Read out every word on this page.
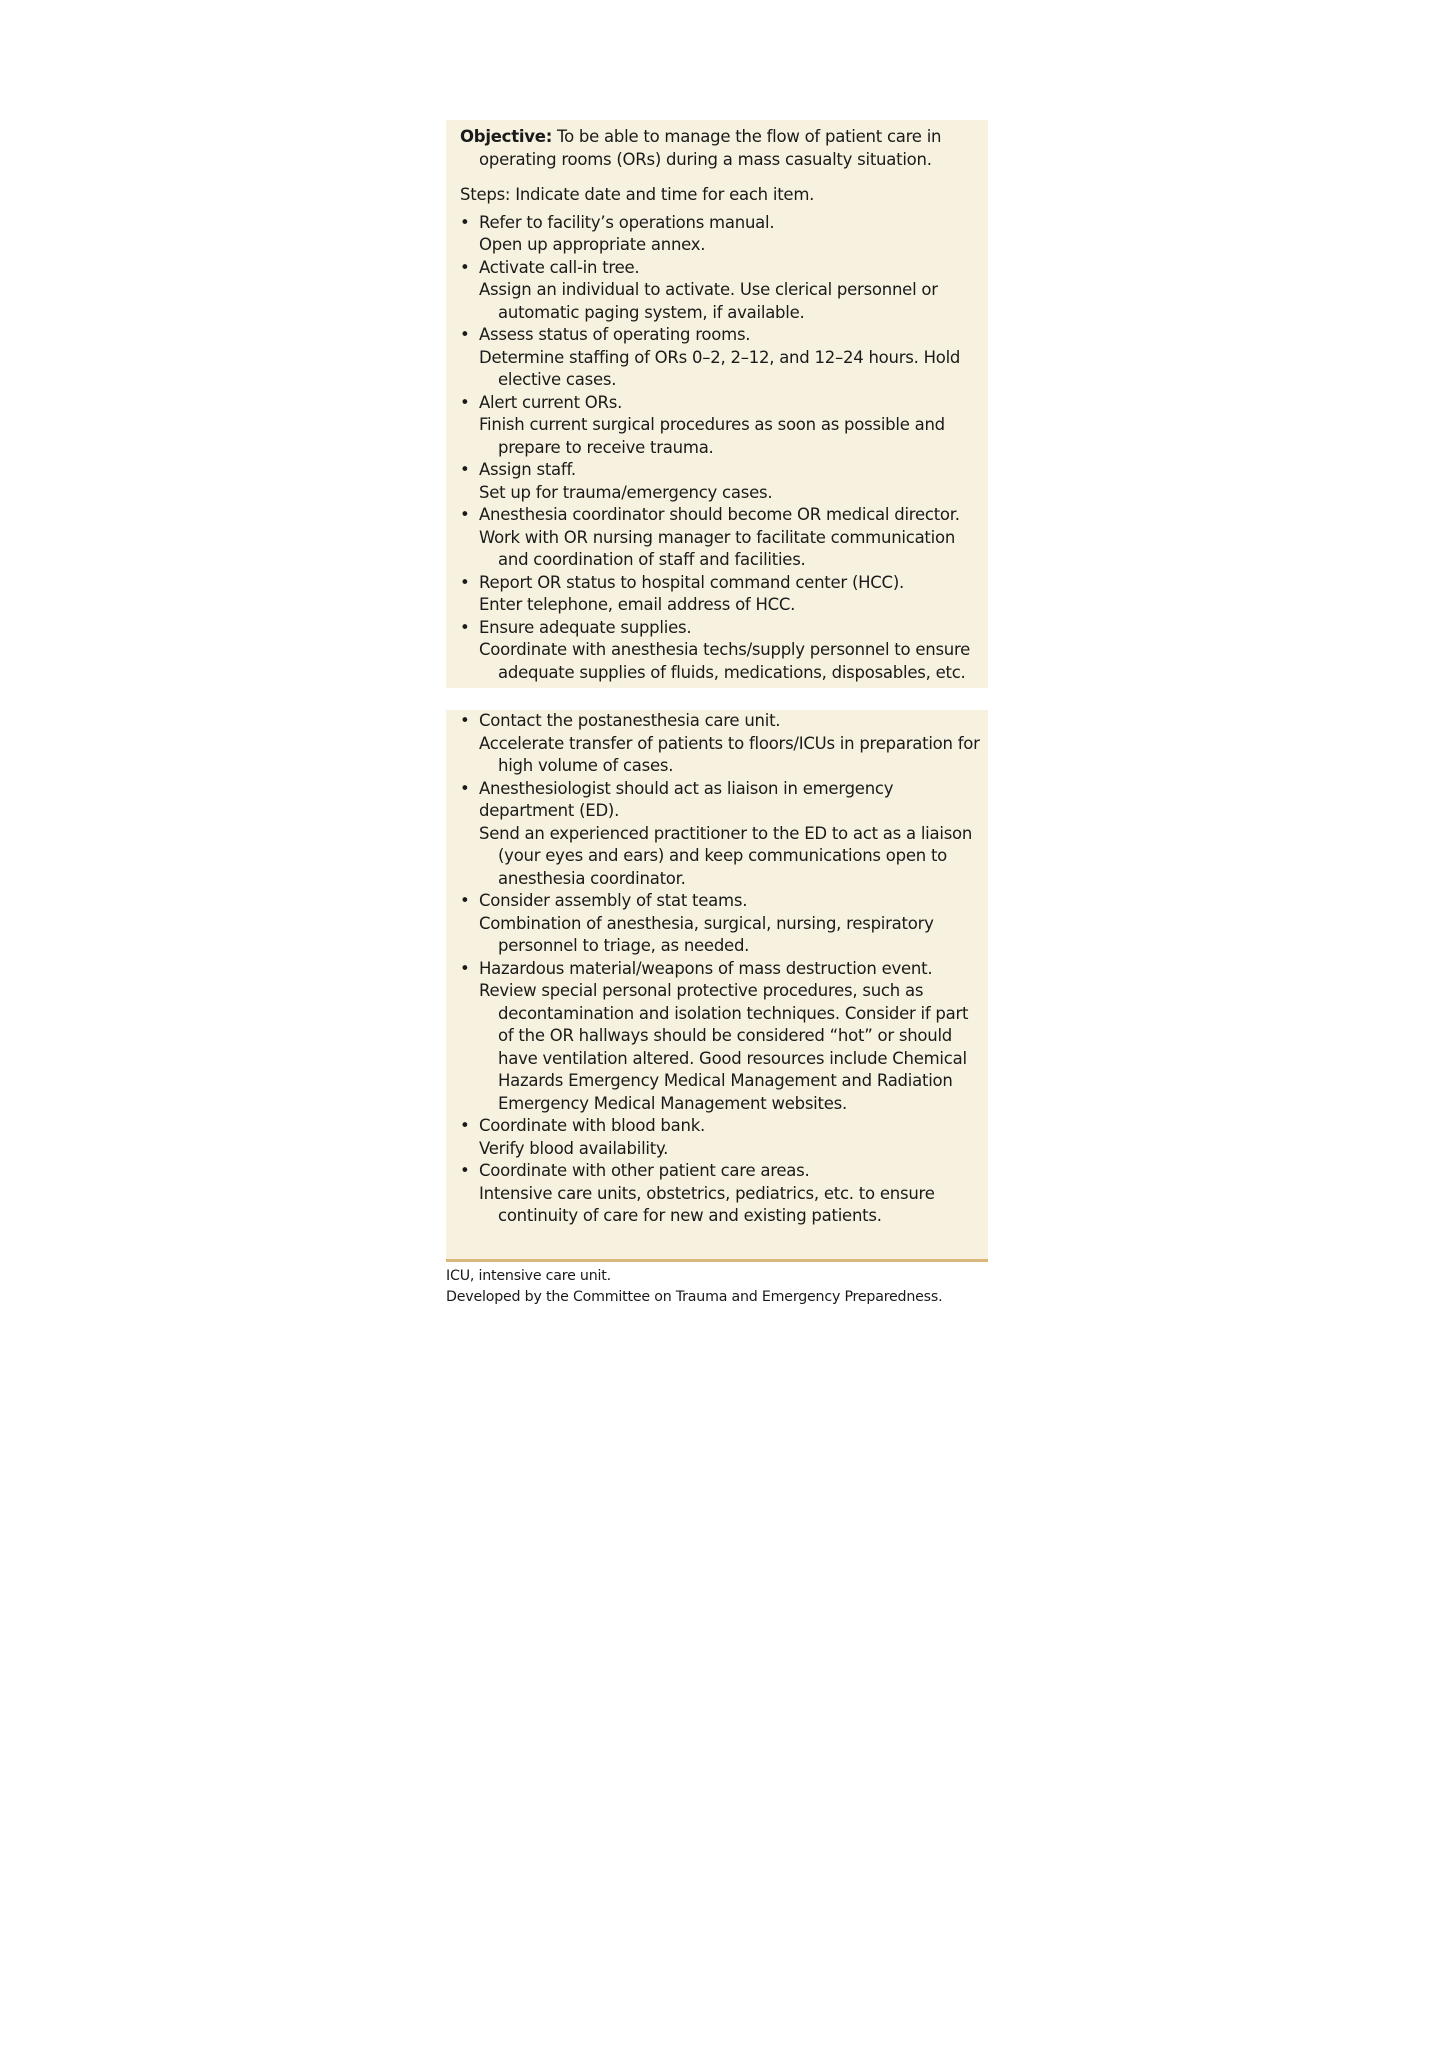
Objective: To be able to manage the flow of patient care in operating rooms (ORs) during a mass casualty situation.

Steps: Indicate date and time for each item.

• Refer to facility’s operations manual.
Open up appropriate annex.
• Activate call-in tree.
Assign an individual to activate. Use clerical personnel or automatic paging system, if available.
• Assess status of operating rooms.
Determine staffing of ORs 0–2, 2–12, and 12–24 hours. Hold elective cases.
• Alert current ORs.
Finish current surgical procedures as soon as possible and prepare to receive trauma.
• Assign staff.
Set up for trauma/emergency cases.
• Anesthesia coordinator should become OR medical director.
Work with OR nursing manager to facilitate communication and coordination of staff and facilities.
• Report OR status to hospital command center (HCC).
Enter telephone, email address of HCC.
• Ensure adequate supplies.
Coordinate with anesthesia techs/supply personnel to ensure adequate supplies of fluids, medications, disposables, etc.
• Contact the postanesthesia care unit.
Accelerate transfer of patients to floors/ICUs in preparation for high volume of cases.
• Anesthesiologist should act as liaison in emergency department (ED).
Send an experienced practitioner to the ED to act as a liaison (your eyes and ears) and keep communications open to anesthesia coordinator.
• Consider assembly of stat teams.
Combination of anesthesia, surgical, nursing, respiratory personnel to triage, as needed.
• Hazardous material/weapons of mass destruction event.
Review special personal protective procedures, such as decontamination and isolation techniques. Consider if part of the OR hallways should be considered “hot” or should have ventilation altered. Good resources include Chemical Hazards Emergency Medical Management and Radiation Emergency Medical Management websites.
• Coordinate with blood bank.
Verify blood availability.
• Coordinate with other patient care areas.
Intensive care units, obstetrics, pediatrics, etc. to ensure continuity of care for new and existing patients.

ICU, intensive care unit.

Developed by the Committee on Trauma and Emergency Preparedness.
